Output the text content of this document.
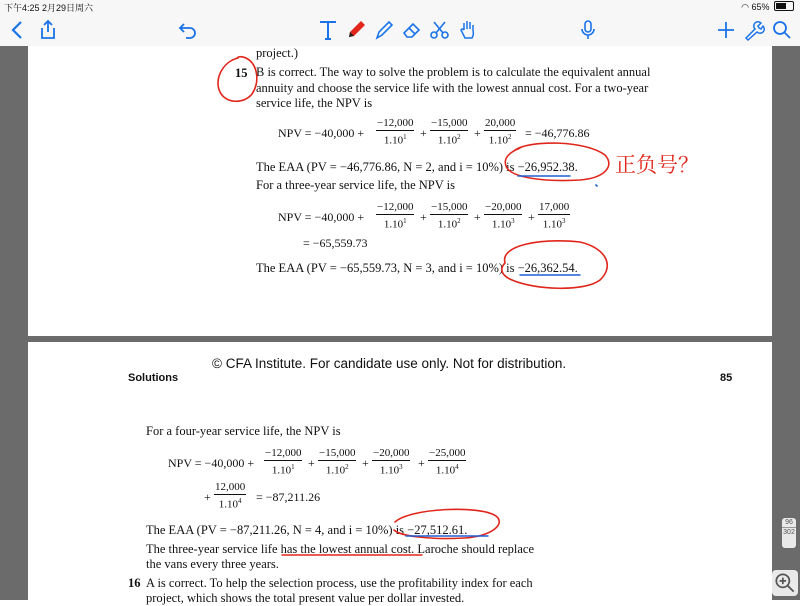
下午4:25 2月29日周六	◠ 65%
project.)
15 B is correct. The way to solve the problem is to calculate the equivalent annual
annuity and choose the service life with the lowest annual cost. For a two-year
service life, the NPV is
NPV = $-40,000 + \frac{-12,000}{1.10^1} + \frac{-15,000}{1.10^2} + \frac{20,000}{1.10^2} = -46,776.86$
The EAA (PV = −46,776.86, N = 2, and i = 10%) is −26,952.38.
For a three-year service life, the NPV is
NPV = $-40,000 + \frac{-12,000}{1.10^1} + \frac{-15,000}{1.10^2} + \frac{-20,000}{1.10^3} + \frac{17,000}{1.10^3}$
= −65,559.73
The EAA (PV = −65,559.73, N = 3, and i = 10%) is −26,362.54.
© CFA Institute. For candidate use only. Not for distribution.
Solutions	85
For a four-year service life, the NPV is
NPV = $-40,000 + \frac{-12,000}{1.10^1} + \frac{-15,000}{1.10^2} + \frac{-20,000}{1.10^3} + \frac{-25,000}{1.10^4}$
+ $\frac{12,000}{1.10^4} = -87,211.26$
The EAA (PV = −87,211.26, N = 4, and i = 10%) is −27,512.61.
The three-year service life has the lowest annual cost. Laroche should replace
the vans every three years.
16 A is correct. To help the selection process, use the profitability index for each
project, which shows the total present value per dollar invested.
96
302
正负号？
